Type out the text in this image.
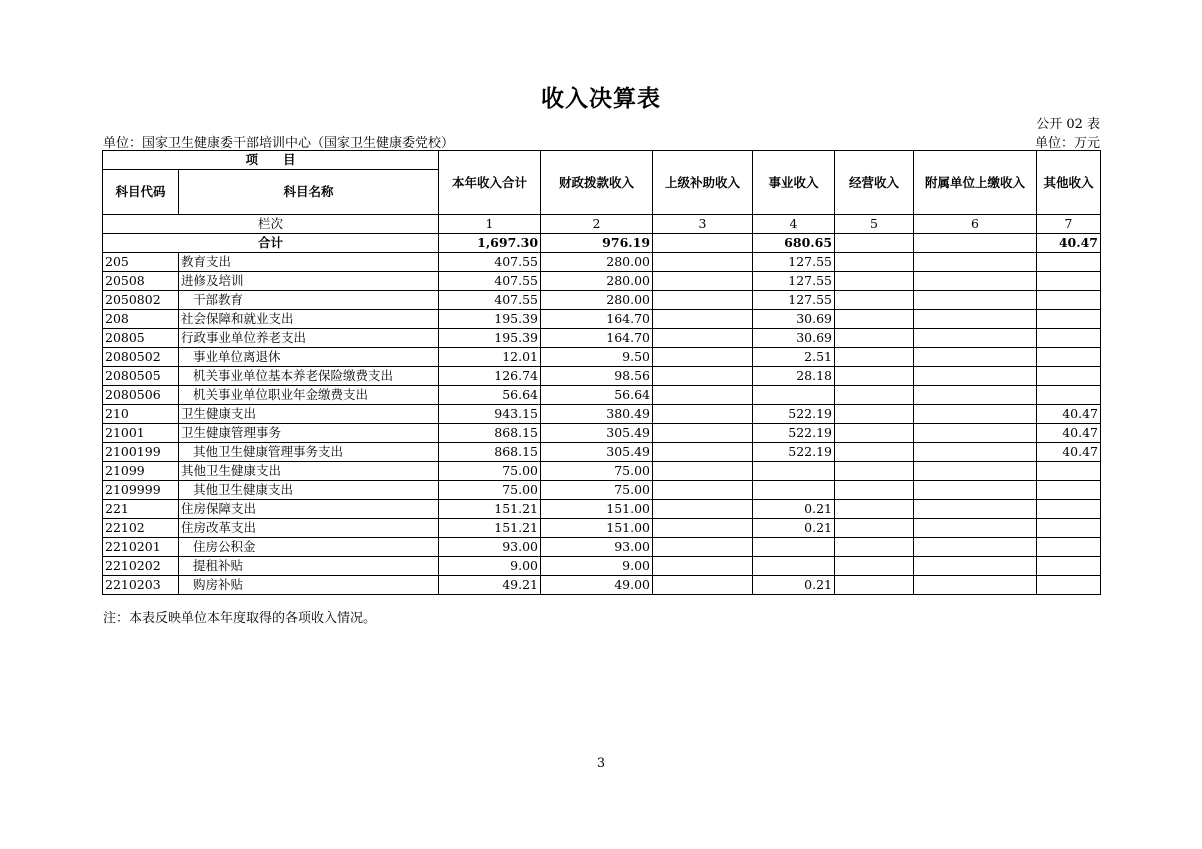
收入决算表
公开 02 表
单位：国家卫生健康委干部培训中心（国家卫生健康委党校）	单位：万元
项　　目		本年收入合计	财政拨款收入	上级补助收入	事业收入	经营收入	附属单位上缴收入	其他收入
科目代码	科目名称							
栏次		1	2	3	4	5	6	7
合计		1,697.30	976.19		680.65			40.47
205	教育支出	407.55	280.00		127.55			
20508	进修及培训	407.55	280.00		127.55			
2050802	干部教育	407.55	280.00		127.55			
208	社会保障和就业支出	195.39	164.70		30.69			
20805	行政事业单位养老支出	195.39	164.70		30.69			
2080502	事业单位离退休	12.01	9.50		2.51			
2080505	机关事业单位基本养老保险缴费支出	126.74	98.56		28.18			
2080506	机关事业单位职业年金缴费支出	56.64	56.64					
210	卫生健康支出	943.15	380.49		522.19			40.47
21001	卫生健康管理事务	868.15	305.49		522.19			40.47
2100199	其他卫生健康管理事务支出	868.15	305.49		522.19			40.47
21099	其他卫生健康支出	75.00	75.00					
2109999	其他卫生健康支出	75.00	75.00					
221	住房保障支出	151.21	151.00		0.21			
22102	住房改革支出	151.21	151.00		0.21			
2210201	住房公积金	93.00	93.00					
2210202	提租补贴	9.00	9.00					
2210203	购房补贴	49.21	49.00		0.21			
注：本表反映单位本年度取得的各项收入情况。
3
